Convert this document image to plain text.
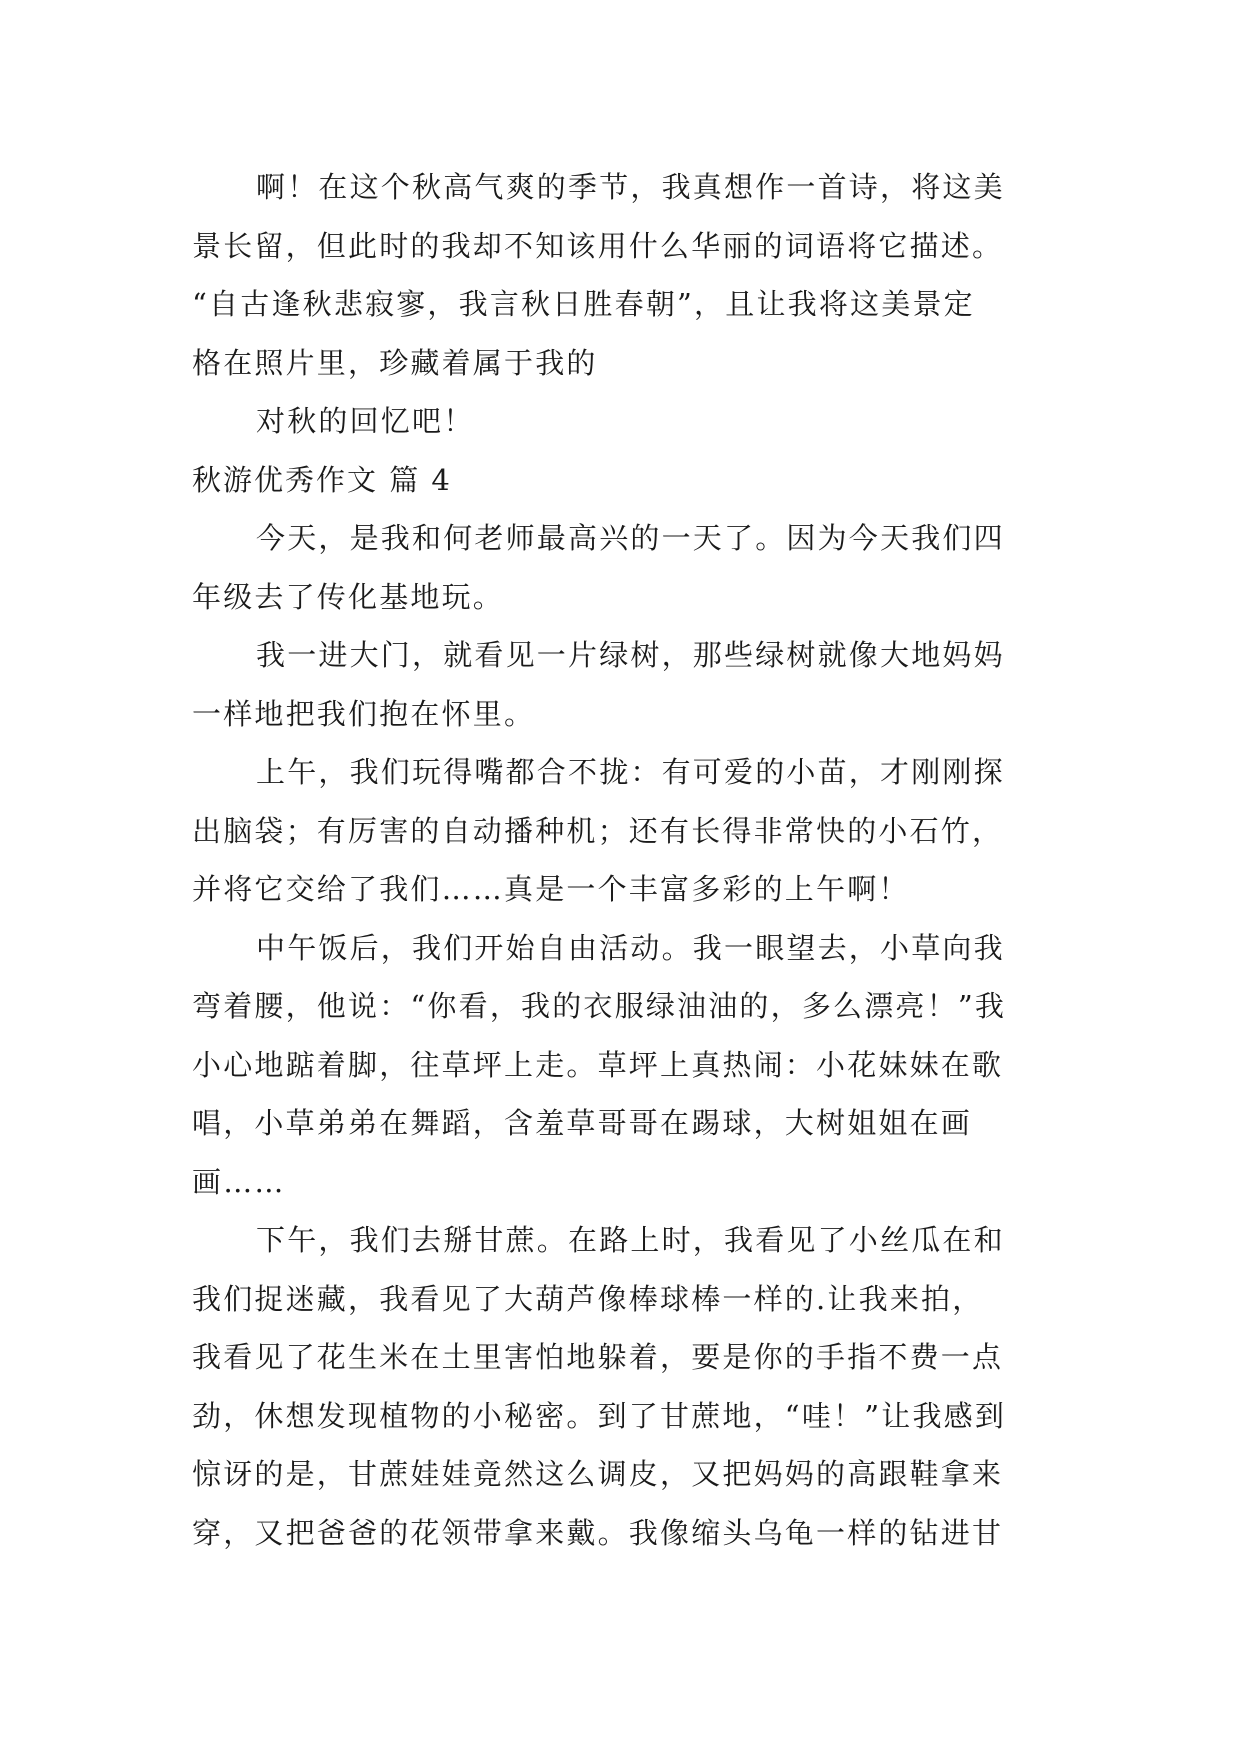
啊！在这个秋高气爽的季节，我真想作一首诗，将这美
景长留，但此时的我却不知该用什么华丽的词语将它描述。
“自古逢秋悲寂寥，我言秋日胜春朝”，且让我将这美景定
格在照片里，珍藏着属于我的
对秋的回忆吧！
秋游优秀作文 篇 4
今天，是我和何老师最高兴的一天了。因为今天我们四
年级去了传化基地玩。
我一进大门，就看见一片绿树，那些绿树就像大地妈妈
一样地把我们抱在怀里。
上午，我们玩得嘴都合不拢：有可爱的小苗，才刚刚探
出脑袋；有厉害的自动播种机；还有长得非常快的小石竹，
并将它交给了我们……真是一个丰富多彩的上午啊！
中午饭后，我们开始自由活动。我一眼望去，小草向我
弯着腰，他说：“你看，我的衣服绿油油的，多么漂亮！”我
小心地踮着脚，往草坪上走。草坪上真热闹：小花妹妹在歌
唱，小草弟弟在舞蹈，含羞草哥哥在踢球，大树姐姐在画
画……
下午，我们去掰甘蔗。在路上时，我看见了小丝瓜在和
我们捉迷藏，我看见了大葫芦像棒球棒一样的.让我来拍，
我看见了花生米在土里害怕地躲着，要是你的手指不费一点
劲，休想发现植物的小秘密。到了甘蔗地，“哇！”让我感到
惊讶的是，甘蔗娃娃竟然这么调皮，又把妈妈的高跟鞋拿来
穿，又把爸爸的花领带拿来戴。我像缩头乌龟一样的钻进甘
